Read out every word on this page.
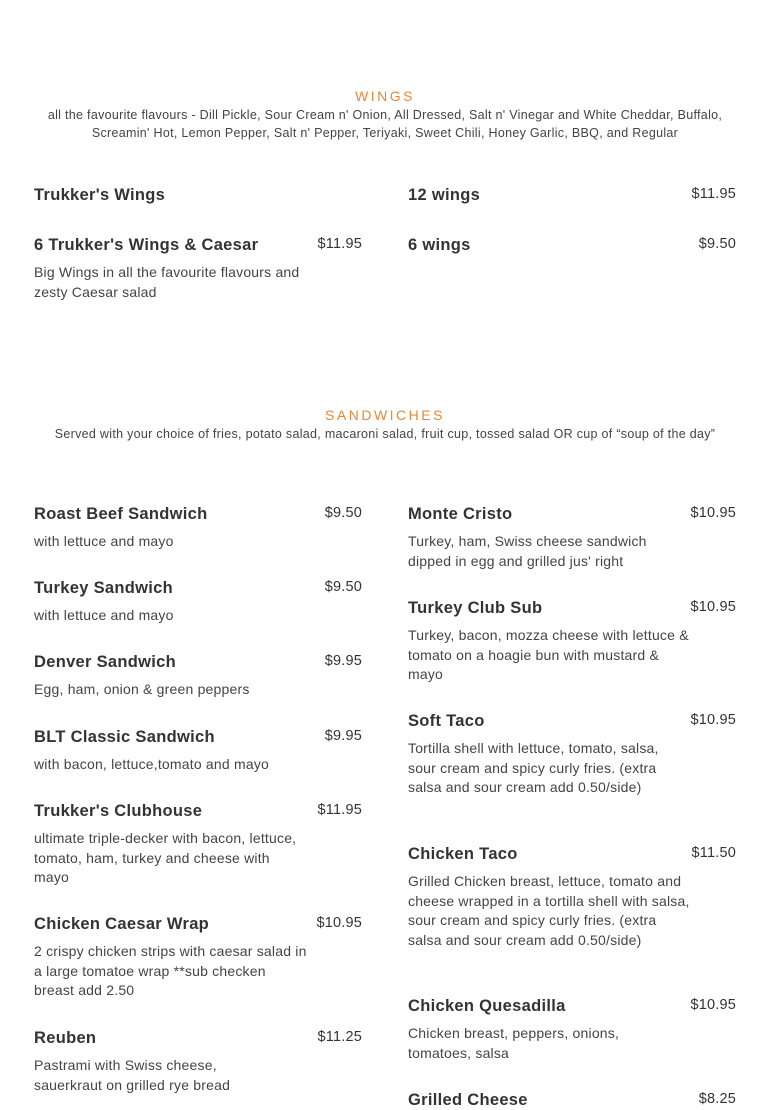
WINGS
all the favourite flavours - Dill Pickle, Sour Cream n' Onion, All Dressed, Salt n' Vinegar and White Cheddar, Buffalo, Screamin' Hot, Lemon Pepper, Salt n' Pepper, Teriyaki, Sweet Chili, Honey Garlic, BBQ, and Regular
Trukker's Wings	12 wings	$11.95
6 Trukker's Wings & Caesar	$11.95
Big Wings in all the favourite flavours and zesty Caesar salad
6 wings	$9.50
SANDWICHES
Served with your choice of fries, potato salad, macaroni salad, fruit cup, tossed salad OR cup of “soup of the day”
Roast Beef Sandwich	$9.50
with lettuce and mayo
Turkey Sandwich	$9.50
with lettuce and mayo
Denver Sandwich	$9.95
Egg, ham, onion & green peppers
BLT Classic Sandwich	$9.95
with bacon, lettuce,tomato and mayo
Trukker's Clubhouse	$11.95
ultimate triple-decker with bacon, lettuce, tomato, ham, turkey and cheese with mayo
Chicken Caesar Wrap	$10.95
2 crispy chicken strips with caesar salad in a large tomatoe wrap **sub checken breast add 2.50
Reuben	$11.25
Pastrami with Swiss cheese, sauerkraut on grilled rye bread
Monte Cristo	$10.95
Turkey, ham, Swiss cheese sandwich dipped in egg and grilled jus' right
Turkey Club Sub	$10.95
Turkey, bacon, mozza cheese with lettuce & tomato on a hoagie bun with mustard & mayo
Soft Taco	$10.95
Tortilla shell with lettuce, tomato, salsa, sour cream and spicy curly fries. (extra salsa and sour cream add 0.50/side)
Chicken Taco	$11.50
Grilled Chicken breast, lettuce, tomato and cheese wrapped in a tortilla shell with salsa, sour cream and spicy curly fries. (extra salsa and sour cream add 0.50/side)
Chicken Quesadilla	$10.95
Chicken breast, peppers, onions, tomatoes, salsa
Grilled Cheese	$8.25
